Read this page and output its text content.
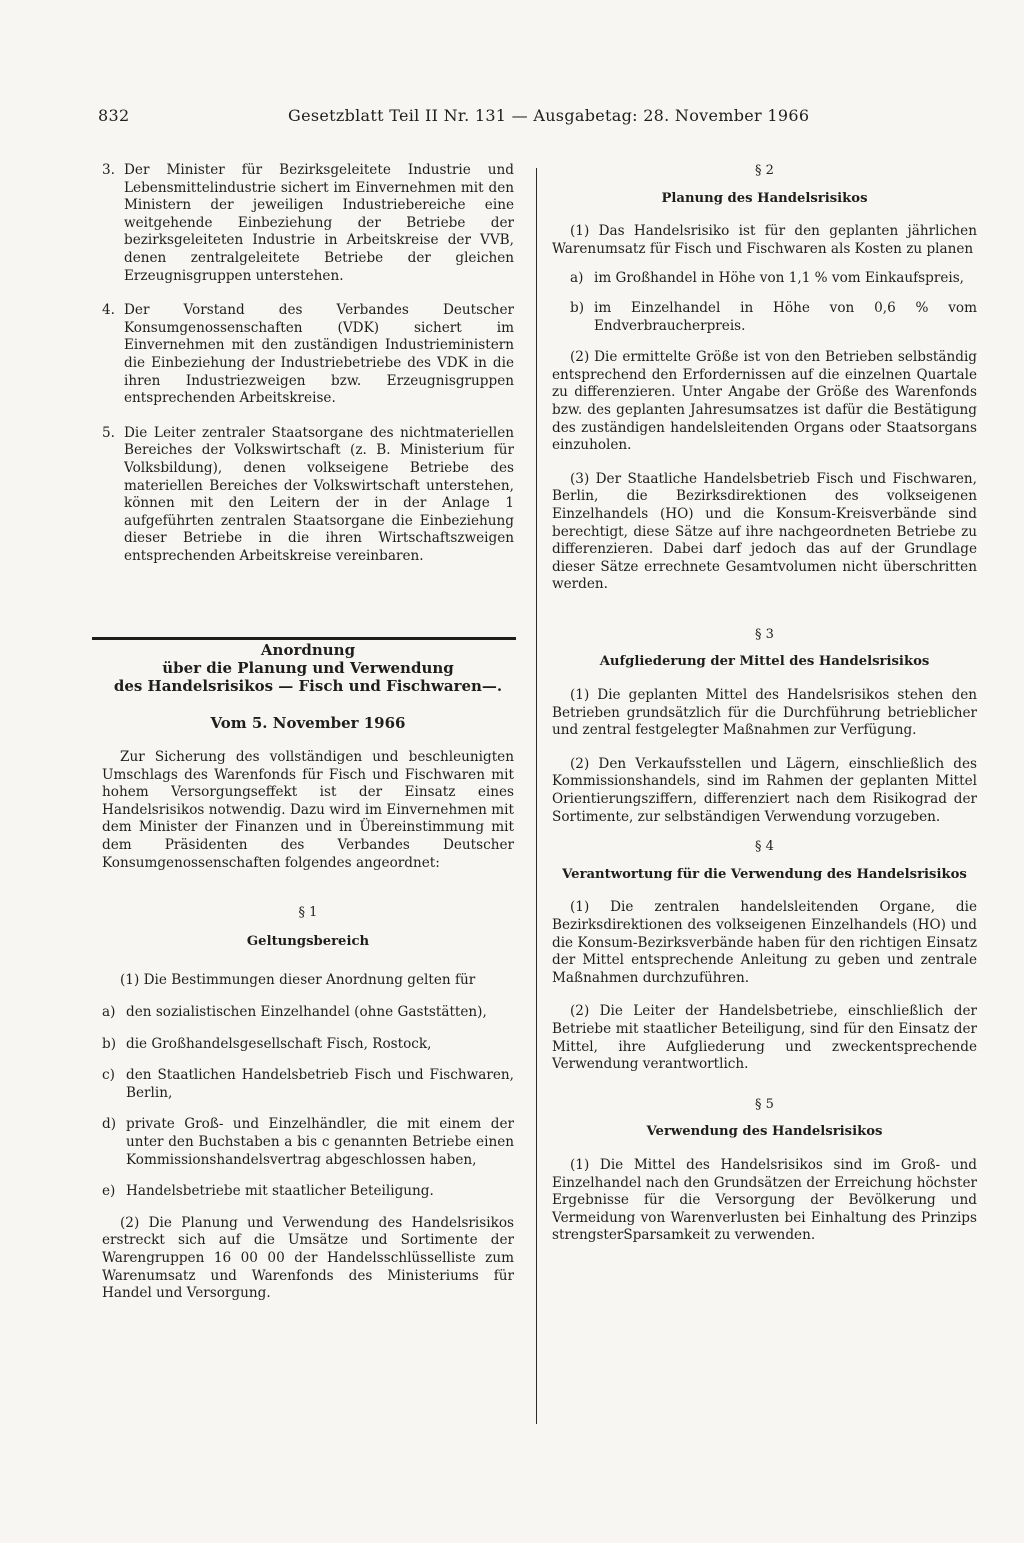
832	Gesetzblatt Teil II Nr. 131 — Ausgabetag: 28. November 1966
3. Der Minister für Bezirksgeleitete Industrie und Lebensmittelindustrie sichert im Einvernehmen mit den Ministern der jeweiligen Industriebereiche eine weitgehende Einbeziehung der Betriebe der bezirksgeleiteten Industrie in Arbeitskreise der VVB, denen zentralgeleitete Betriebe der gleichen Erzeugnisgruppen unterstehen.
4. Der Vorstand des Verbandes Deutscher Konsumgenossenschaften (VDK) sichert im Einvernehmen mit den zuständigen Industrieministern die Einbeziehung der Industriebetriebe des VDK in die ihren Industriezweigen bzw. Erzeugnisgruppen entsprechenden Arbeitskreise.
5. Die Leiter zentraler Staatsorgane des nichtmateriellen Bereiches der Volkswirtschaft (z. B. Ministerium für Volksbildung), denen volkseigene Betriebe des materiellen Bereiches der Volkswirtschaft unterstehen, können mit den Leitern der in der Anlage 1 aufgeführten zentralen Staatsorgane die Einbeziehung dieser Betriebe in die ihren Wirtschaftszweigen entsprechenden Arbeitskreise vereinbaren.
Anordnung
über die Planung und Verwendung
des Handelsrisikos — Fisch und Fischwaren—.
Vom 5. November 1966

Zur Sicherung des vollständigen und beschleunigten Umschlags des Warenfonds für Fisch und Fischwaren mit hohem Versorgungseffekt ist der Einsatz eines Handelsrisikos notwendig. Dazu wird im Einvernehmen mit dem Minister der Finanzen und in Übereinstimmung mit dem Präsidenten des Verbandes Deutscher Konsumgenossenschaften folgendes angeordnet:

§ 1
Geltungsbereich

(1) Die Bestimmungen dieser Anordnung gelten für

a) den sozialistischen Einzelhandel (ohne Gaststätten),
b) die Großhandelsgesellschaft Fisch, Rostock,
c) den Staatlichen Handelsbetrieb Fisch und Fischwaren, Berlin,
d) private Groß- und Einzelhändler, die mit einem der unter den Buchstaben a bis c genannten Betriebe einen Kommissionshandelsvertrag abgeschlossen haben,
e) Handelsbetriebe mit staatlicher Beteiligung.

(2) Die Planung und Verwendung des Handelsrisikos erstreckt sich auf die Umsätze und Sortimente der Warengruppen 16 00 00 der Handelsschlüsselliste zum Warenumsatz und Warenfonds des Ministeriums für Handel und Versorgung.

§ 2
Planung des Handelsrisikos

(1) Das Handelsrisiko ist für den geplanten jährlichen Warenumsatz für Fisch und Fischwaren als Kosten zu planen

a) im Großhandel in Höhe von 1,1 % vom Einkaufspreis,
b) im Einzelhandel in Höhe von 0,6 % vom Endverbraucherpreis.

(2) Die ermittelte Größe ist von den Betrieben selbständig entsprechend den Erfordernissen auf die einzelnen Quartale zu differenzieren. Unter Angabe der Größe des Warenfonds bzw. des geplanten Jahresumsatzes ist dafür die Bestätigung des zuständigen handelsleitenden Organs oder Staatsorgans einzuholen.

(3) Der Staatliche Handelsbetrieb Fisch und Fischwaren, Berlin, die Bezirksdirektionen des volkseigenen Einzelhandels (HO) und die Konsum-Kreisverbände sind berechtigt, diese Sätze auf ihre nachgeordneten Betriebe zu differenzieren. Dabei darf jedoch das auf der Grundlage dieser Sätze errechnete Gesamtvolumen nicht überschritten werden.

§ 3
Aufgliederung der Mittel des Handelsrisikos

(1) Die geplanten Mittel des Handelsrisikos stehen den Betrieben grundsätzlich für die Durchführung betrieblicher und zentral festgelegter Maßnahmen zur Verfügung.

(2) Den Verkaufsstellen und Lägern, einschließlich des Kommissionshandels, sind im Rahmen der geplanten Mittel Orientierungsziffern, differenziert nach dem Risikograd der Sortimente, zur selbständigen Verwendung vorzugeben.

§ 4
Verantwortung für die Verwendung des Handelsrisikos

(1) Die zentralen handelsleitenden Organe, die Bezirksdirektionen des volkseigenen Einzelhandels (HO) und die Konsum-Bezirksverbände haben für den richtigen Einsatz der Mittel entsprechende Anleitung zu geben und zentrale Maßnahmen durchzuführen.

(2) Die Leiter der Handelsbetriebe, einschließlich der Betriebe mit staatlicher Beteiligung, sind für den Einsatz der Mittel, ihre Aufgliederung und zweckentsprechende Verwendung verantwortlich.

§ 5
Verwendung des Handelsrisikos

(1) Die Mittel des Handelsrisikos sind im Groß- und Einzelhandel nach den Grundsätzen der Erreichung höchster Ergebnisse für die Versorgung der Bevölkerung und Vermeidung von Warenverlusten bei Einhaltung des Prinzips strengsterSparsamkeit zu verwenden.
